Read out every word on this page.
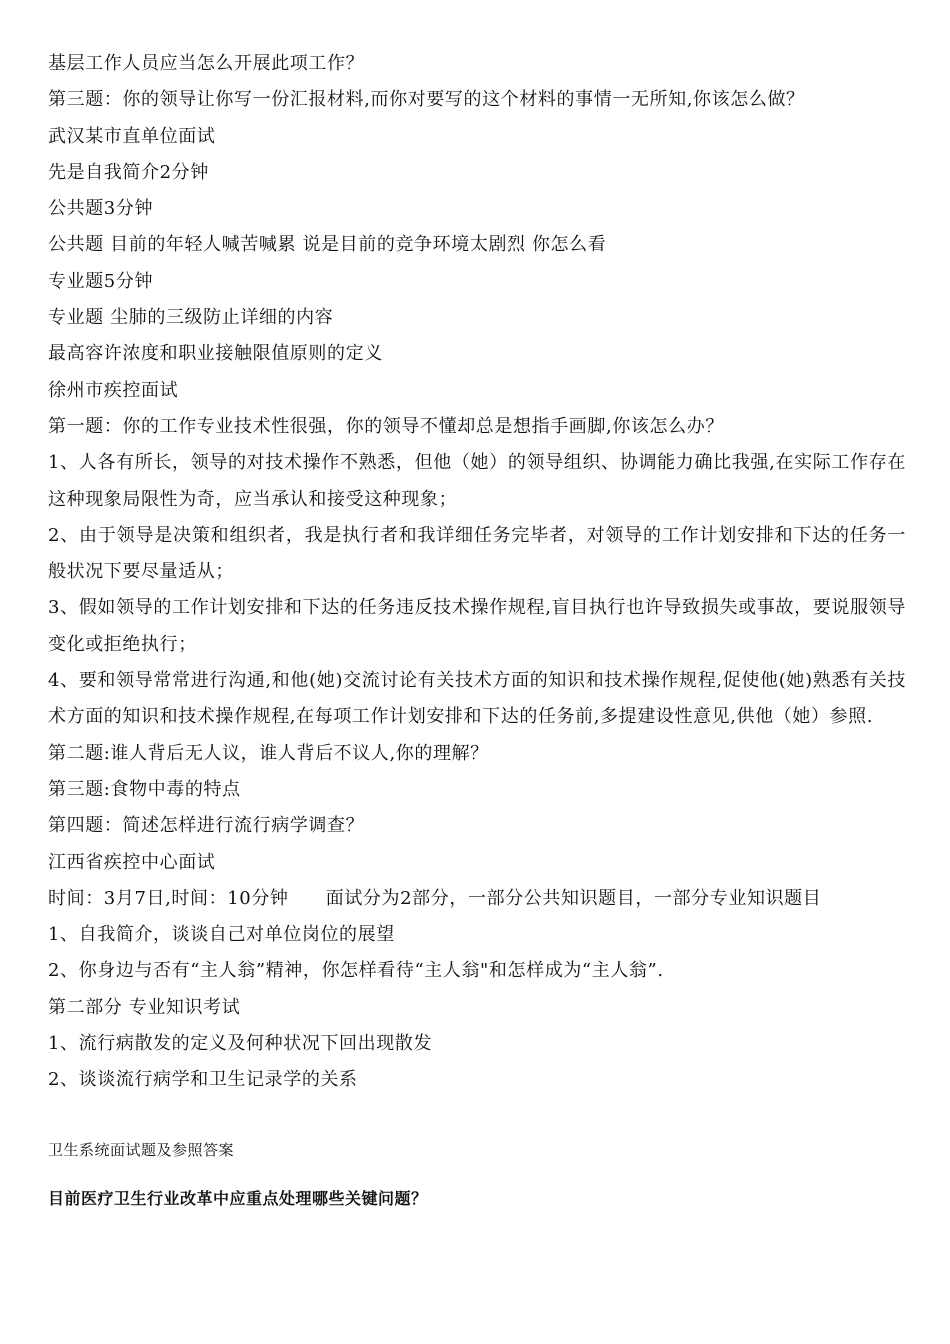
基层工作人员应当怎么开展此项工作？
第三题：你的领导让你写一份汇报材料,而你对要写的这个材料的事情一无所知,你该怎么做？
武汉某市直单位面试
先是自我简介2分钟
公共题3分钟
公共题 目前的年轻人喊苦喊累 说是目前的竞争环境太剧烈 你怎么看
专业题5分钟
专业题 尘肺的三级防止详细的内容
最高容许浓度和职业接触限值原则的定义
徐州市疾控面试
第一题：你的工作专业技术性很强，你的领导不懂却总是想指手画脚,你该怎么办？
1、人各有所长，领导的对技术操作不熟悉，但他（她）的领导组织、协调能力确比我强,在实际工作存在这种现象局限性为奇，应当承认和接受这种现象；
2、由于领导是决策和组织者，我是执行者和我详细任务完毕者，对领导的工作计划安排和下达的任务一般状况下要尽量适从；
3、假如领导的工作计划安排和下达的任务违反技术操作规程,盲目执行也许导致损失或事故，要说服领导变化或拒绝执行；
4、要和领导常常进行沟通,和他(她)交流讨论有关技术方面的知识和技术操作规程,促使他(她)熟悉有关技术方面的知识和技术操作规程,在每项工作计划安排和下达的任务前,多提建设性意见,供他（她）参照.
第二题:谁人背后无人议，谁人背后不议人,你的理解？
第三题:食物中毒的特点
第四题：简述怎样进行流行病学调查？
江西省疾控中心面试
时间：3月7日,时间：10分钟　　面试分为2部分，一部分公共知识题目，一部分专业知识题目
1、自我简介，谈谈自己对单位岗位的展望
2、你身边与否有“主人翁”精神，你怎样看待“主人翁"和怎样成为“主人翁”.
第二部分 专业知识考试
1、流行病散发的定义及何种状况下回出现散发
2、谈谈流行病学和卫生记录学的关系
卫生系统面试题及参照答案
目前医疗卫生行业改革中应重点处理哪些关键问题？
